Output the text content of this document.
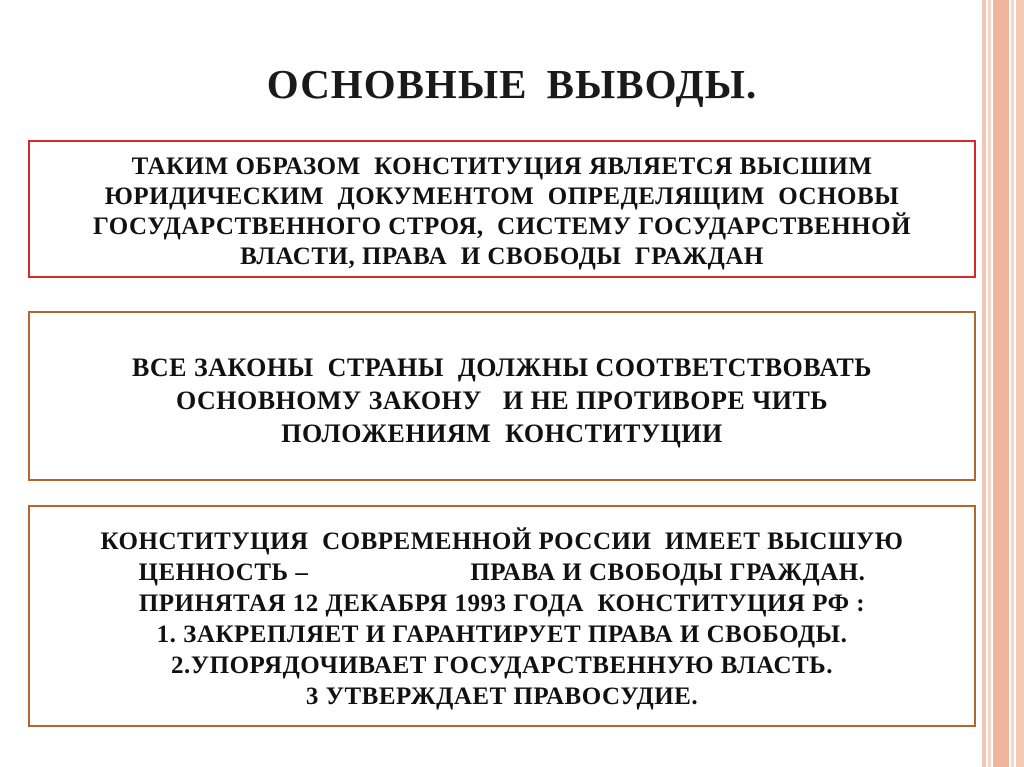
ОСНОВНЫЕ ВЫВОДЫ.
ТАКИМ ОБРАЗОМ  КОНСТИТУЦИЯ ЯВЛЯЕТСЯ ВЫСШИМ
ЮРИДИЧЕСКИМ  ДОКУМЕНТОМ  ОПРЕДЕЛЯЩИМ  ОСНОВЫ
ГОСУДАРСТВЕННОГО СТРОЯ,  СИСТЕМУ ГОСУДАРСТВЕННОЙ
ВЛАСТИ, ПРАВА  И СВОБОДЫ  ГРАЖДАН
ВСЕ ЗАКОНЫ  СТРАНЫ  ДОЛЖНЫ СООТВЕТСТВОВАТЬ
ОСНОВНОМУ ЗАКОНУ   И НЕ ПРОТИВОРЕ ЧИТЬ
ПОЛОЖЕНИЯМ  КОНСТИТУЦИИ
КОНСТИТУЦИЯ  СОВРЕМЕННОЙ РОССИИ  ИМЕЕТ ВЫСШУЮ
ЦЕННОСТЬ –                        ПРАВА И СВОБОДЫ ГРАЖДАН.
ПРИНЯТАЯ 12 ДЕКАБРЯ 1993 ГОДА  КОНСТИТУЦИЯ РФ :
1. ЗАКРЕПЛЯЕТ И ГАРАНТИРУЕТ ПРАВА И СВОБОДЫ.
2.УПОРЯДОЧИВАЕТ ГОСУДАРСТВЕННУЮ ВЛАСТЬ.
3 УТВЕРЖДАЕТ ПРАВОСУДИЕ.
